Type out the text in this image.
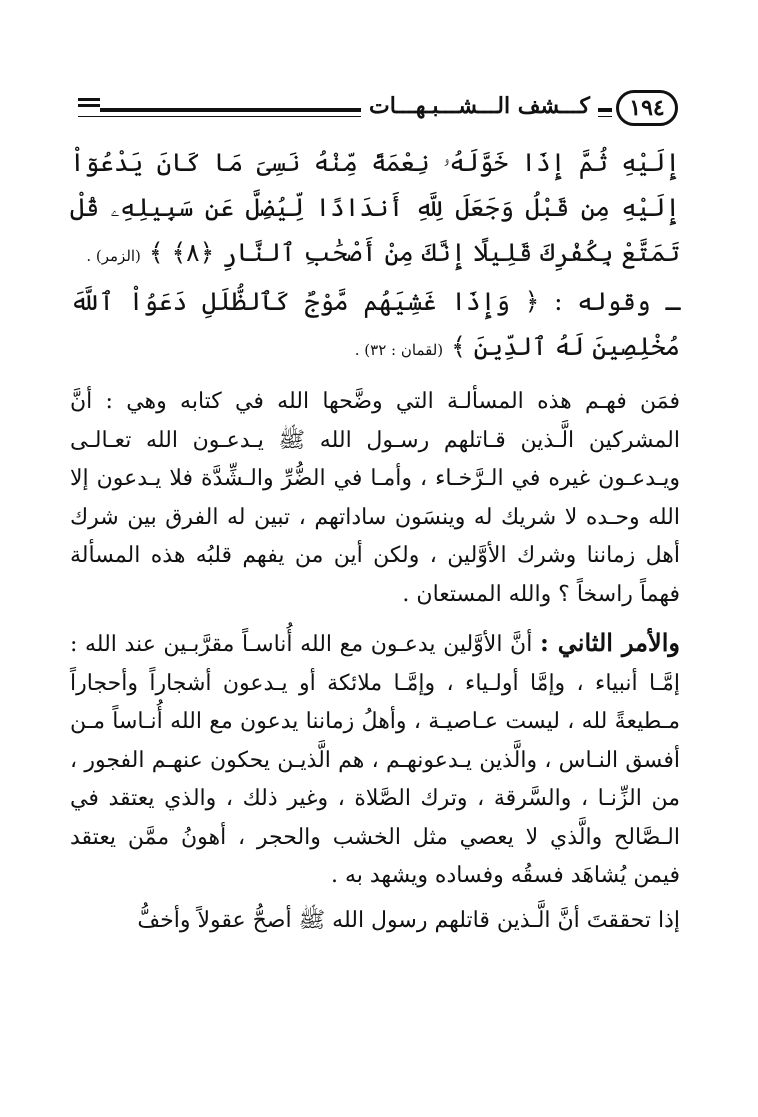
كـــشف الـــشـــبـهـــات	١٩٤

إِلَيْهِ ثُمَّ إِذَا خَوَّلَهُۥ نِعْمَةً مِّنْهُ نَسِىَ مَا كَانَ يَدْعُوٓاْ إِلَيْهِ مِن قَبْلُ وَجَعَلَ لِلَّهِ أَندَادًا لِّيُضِلَّ عَن سَبِيلِهِۦ قُلْ تَمَتَّعْ بِكُفْرِكَ قَلِيلًا إِنَّكَ مِنْ أَصْحَٰبِ ٱلنَّارِ ﴿٨﴾ ﴾ (الزمر) .

ـ وقوله : ﴿ وَإِذَا غَشِيَهُم مَّوْجٌ كَٱلظُّلَلِ دَعَوُاْ ٱللَّهَ مُخْلِصِينَ لَهُ ٱلدِّينَ ﴾ (لقمان : ٣٢) .

فمَن فهـم هذه المسألـة التي وضَّحها الله في كتابه وهي : أنَّ المشركين الَّـذين قـاتلهم رسـول الله ﷺ يـدعـون الله تعـالـى ويـدعـون غيره في الـرَّخـاء ، وأمـا في الضُّرِّ والـشِّدَّة فلا يـدعون إلا الله وحـده لا شريك له وينسَون ساداتهم ، تبين له الفرق بين شرك أهل زماننا وشرك الأوَّلين ، ولكن أين من يفهم قلبُه هذه المسألة فهماً راسخاً ؟ والله المستعان .

والأمر الثاني : أنَّ الأوَّلين يدعـون مع الله أُناسـاً مقرَّبـين عند الله : إمَّـا أنبياء ، وإمَّا أولـياء ، وإمَّـا ملائكة أو يـدعون أشجاراً وأحجاراً مـطيعةً لله ، ليست عـاصيـة ، وأهلُ زماننا يدعون مع الله أُنـاساً مـن أفسق النـاس ، والَّذين يـدعونهـم ، هم الَّذيـن يحكون عنهـم الفجور ، من الزِّنـا ، والسَّرقة ، وترك الصَّلاة ، وغير ذلك ، والذي يعتقد في الـصَّالح والَّذي لا يعصي مثل الخشب والحجر ، أهونُ ممَّن يعتقد فيمن يُشاهَد فسقُه وفساده ويشهد به .

إذا تحققتَ أنَّ الَّـذين قاتلهم رسول الله ﷺ أصحُّ عقولاً وأخفُّ
